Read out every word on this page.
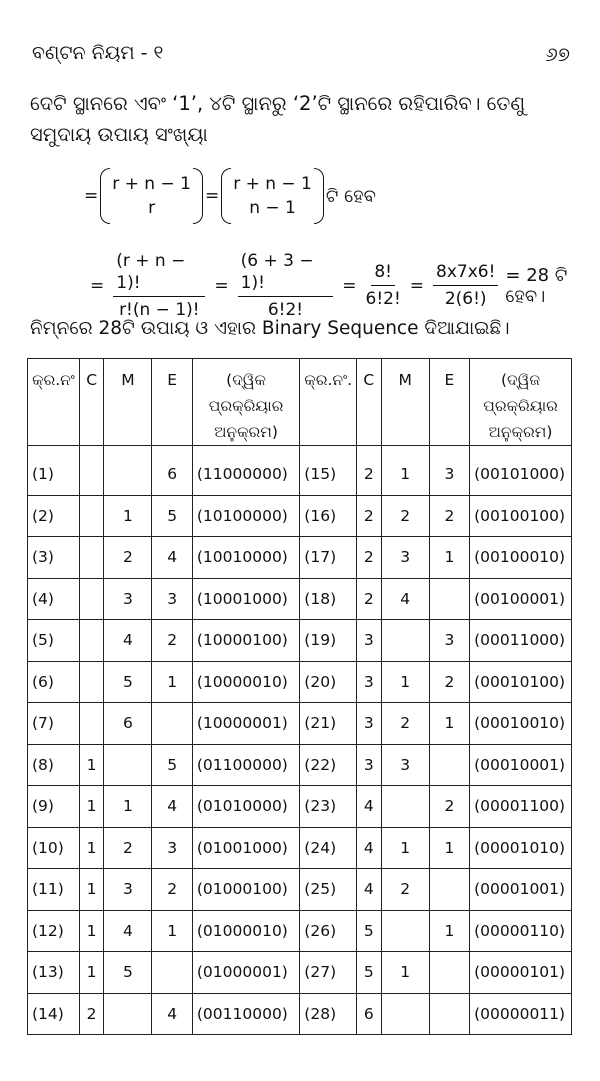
ବଣ୍ଟନ ନିୟମ - ୧	୬୭
ଦେଟି ସ୍ଥାନରେ ଏବଂ ‘1’, ୪ଟି ସ୍ଥାନରୁ ‘2’ଟି ସ୍ଥାନରେ ରହିପାରିବ। ତେଣୁ ସମୁଦାୟ ଉପାୟ ସଂଖ୍ୟା
=
r + n − 1
r
=
r + n − 1
n − 1
ଟି ହେବ
= $\frac{(r + n - 1)!}{r!(n - 1)!} = \frac{(6 + 3 - 1)!}{6!2!} = \frac{8!}{6!2!} = \frac{8x7x6!}{2(6!)} = 28$ ଟି ହେବ।
ନିମ୍ନରେ 28ଟି ଉପାୟ ଓ ଏହାର Binary Sequence ଦିଆଯାଇଛି।
କ୍ର.ନଂ	C	M	E	(ଦ୍ୱିକ ପ୍ରକ୍ରିୟାର ଅନୁକ୍ରମ)	କ୍ର.ନଂ.	C	M	E	(ଦ୍ୱିଜ ପ୍ରକ୍ରିୟାର ଅନୁକ୍ରମ)
(1)			6	(11000000)	(15)	2	1	3	(00101000)
(2)		1	5	(10100000)	(16)	2	2	2	(00100100)
(3)		2	4	(10010000)	(17)	2	3	1	(00100010)
(4)		3	3	(10001000)	(18)	2	4		(00100001)
(5)		4	2	(10000100)	(19)	3		3	(00011000)
(6)		5	1	(10000010)	(20)	3	1	2	(00010100)
(7)		6		(10000001)	(21)	3	2	1	(00010010)
(8)	1		5	(01100000)	(22)	3	3		(00010001)
(9)	1	1	4	(01010000)	(23)	4		2	(00001100)
(10)	1	2	3	(01001000)	(24)	4	1	1	(00001010)
(11)	1	3	2	(01000100)	(25)	4	2		(00001001)
(12)	1	4	1	(01000010)	(26)	5		1	(00000110)
(13)	1	5		(01000001)	(27)	5	1		(00000101)
(14)	2		4	(00110000)	(28)	6			(00000011)
